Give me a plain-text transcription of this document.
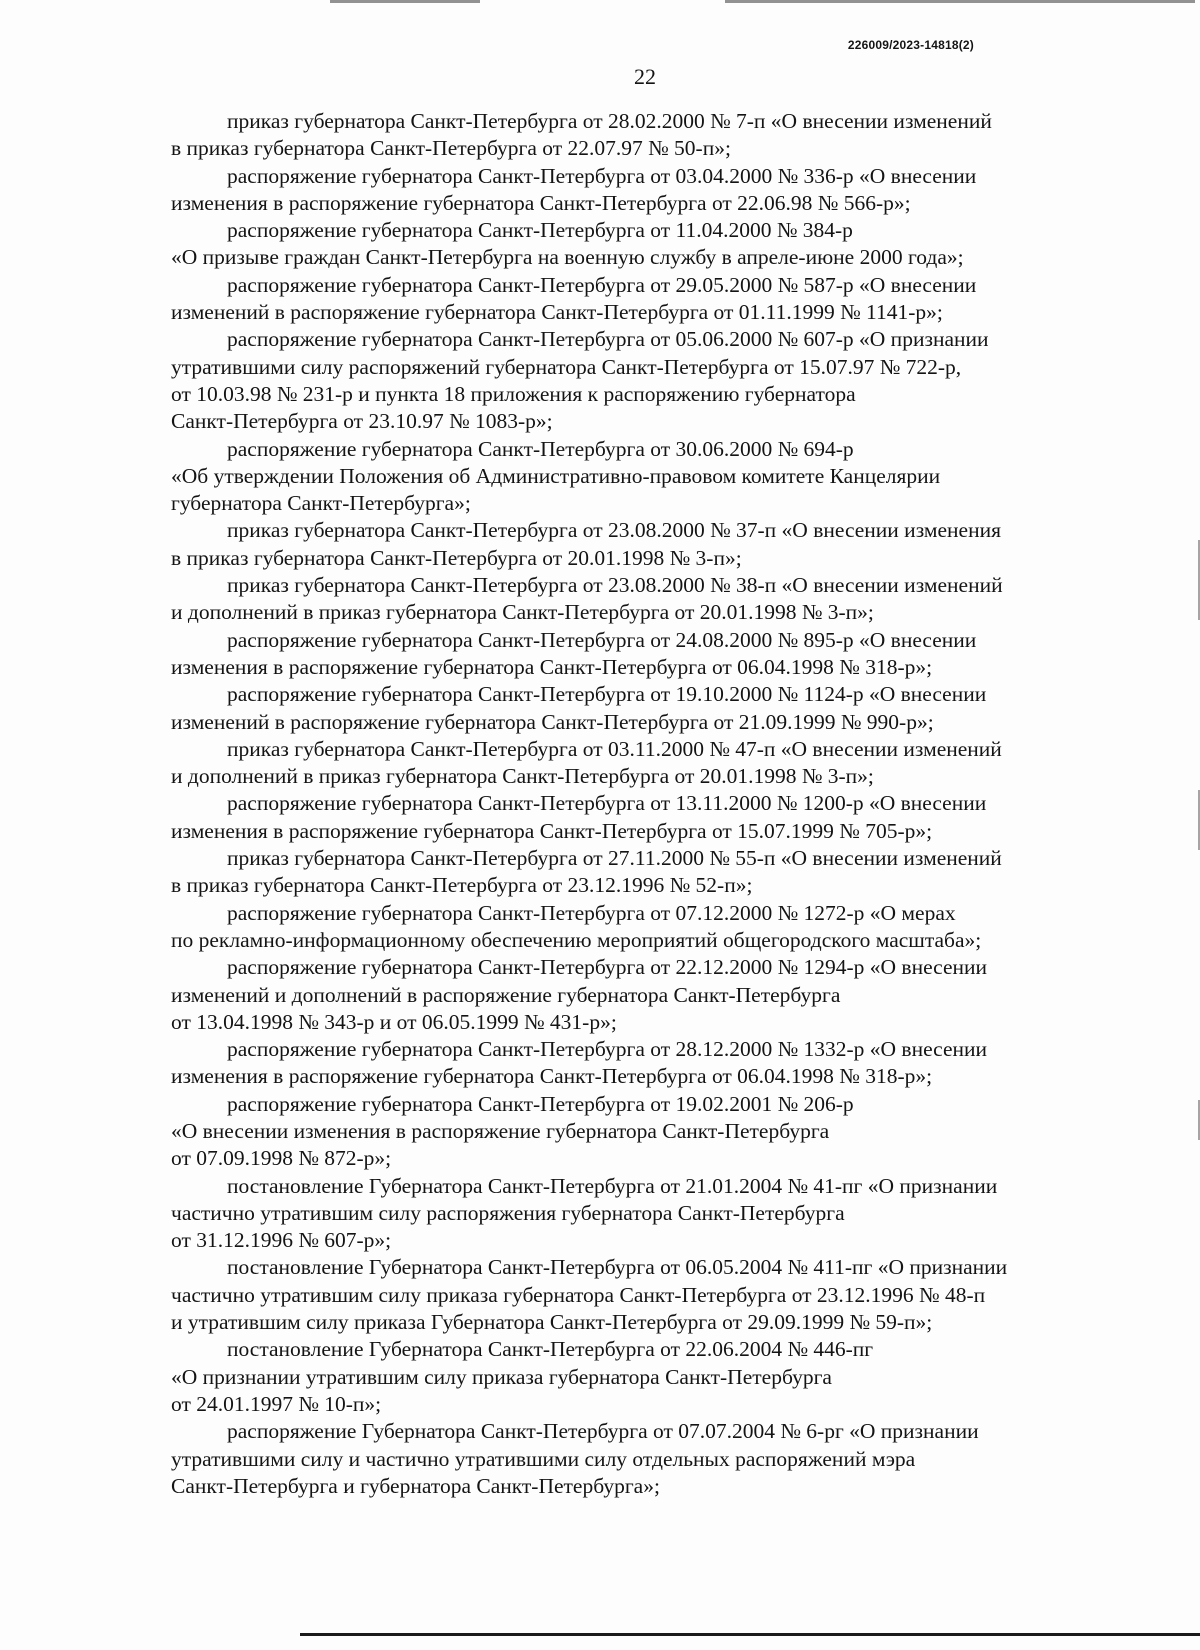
226009/2023-14818(2)
22

приказ губернатора Санкт-Петербурга от 28.02.2000 № 7-п «О внесении изменений
в приказ губернатора Санкт-Петербурга от 22.07.97 № 50-п»;

распоряжение губернатора Санкт-Петербурга от 03.04.2000 № 336-р «О внесении
изменения в распоряжение губернатора Санкт-Петербурга от 22.06.98 № 566-р»;

распоряжение губернатора Санкт-Петербурга от 11.04.2000 № 384-р
«О призыве граждан Санкт-Петербурга на военную службу в апреле-июне 2000 года»;

распоряжение губернатора Санкт-Петербурга от 29.05.2000 № 587-р «О внесении
изменений в распоряжение губернатора Санкт-Петербурга от 01.11.1999 № 1141-р»;

распоряжение губернатора Санкт-Петербурга от 05.06.2000 № 607-р «О признании
утратившими силу распоряжений губернатора Санкт-Петербурга от 15.07.97 № 722-р,
от 10.03.98 № 231-р и пункта 18 приложения к распоряжению губернатора
Санкт-Петербурга от 23.10.97 № 1083-р»;

распоряжение губернатора Санкт-Петербурга от 30.06.2000 № 694-р
«Об утверждении Положения об Административно-правовом комитете Канцелярии
губернатора Санкт-Петербурга»;

приказ губернатора Санкт-Петербурга от 23.08.2000 № 37-п «О внесении изменения
в приказ губернатора Санкт-Петербурга от 20.01.1998 № 3-п»;

приказ губернатора Санкт-Петербурга от 23.08.2000 № 38-п «О внесении изменений
и дополнений в приказ губернатора Санкт-Петербурга от 20.01.1998 № 3-п»;

распоряжение губернатора Санкт-Петербурга от 24.08.2000 № 895-р «О внесении
изменения в распоряжение губернатора Санкт-Петербурга от 06.04.1998 № 318-р»;

распоряжение губернатора Санкт-Петербурга от 19.10.2000 № 1124-р «О внесении
изменений в распоряжение губернатора Санкт-Петербурга от 21.09.1999 № 990-р»;

приказ губернатора Санкт-Петербурга от 03.11.2000 № 47-п «О внесении изменений
и дополнений в приказ губернатора Санкт-Петербурга от 20.01.1998 № 3-п»;

распоряжение губернатора Санкт-Петербурга от 13.11.2000 № 1200-р «О внесении
изменения в распоряжение губернатора Санкт-Петербурга от 15.07.1999 № 705-р»;

приказ губернатора Санкт-Петербурга от 27.11.2000 № 55-п «О внесении изменений
в приказ губернатора Санкт-Петербурга от 23.12.1996 № 52-п»;

распоряжение губернатора Санкт-Петербурга от 07.12.2000 № 1272-р «О мерах
по рекламно-информационному обеспечению мероприятий общегородского масштаба»;

распоряжение губернатора Санкт-Петербурга от 22.12.2000 № 1294-р «О внесении
изменений и дополнений в распоряжение губернатора Санкт-Петербурга
от 13.04.1998 № 343-р и от 06.05.1999 № 431-р»;

распоряжение губернатора Санкт-Петербурга от 28.12.2000 № 1332-р «О внесении
изменения в распоряжение губернатора Санкт-Петербурга от 06.04.1998 № 318-р»;

распоряжение губернатора Санкт-Петербурга от 19.02.2001 № 206-р
«О внесении изменения в распоряжение губернатора Санкт-Петербурга
от 07.09.1998 № 872-р»;

постановление Губернатора Санкт-Петербурга от 21.01.2004 № 41-пг «О признании
частично утратившим силу распоряжения губернатора Санкт-Петербурга
от 31.12.1996 № 607-р»;

постановление Губернатора Санкт-Петербурга от 06.05.2004 № 411-пг «О признании
частично утратившим силу приказа губернатора Санкт-Петербурга от 23.12.1996 № 48-п
и утратившим силу приказа Губернатора Санкт-Петербурга от 29.09.1999 № 59-п»;

постановление Губернатора Санкт-Петербурга от 22.06.2004 № 446-пг
«О признании утратившим силу приказа губернатора Санкт-Петербурга
от 24.01.1997 № 10-п»;

распоряжение Губернатора Санкт-Петербурга от 07.07.2004 № 6-рг «О признании
утратившими силу и частично утратившими силу отдельных распоряжений мэра
Санкт-Петербурга и губернатора Санкт-Петербурга»;
